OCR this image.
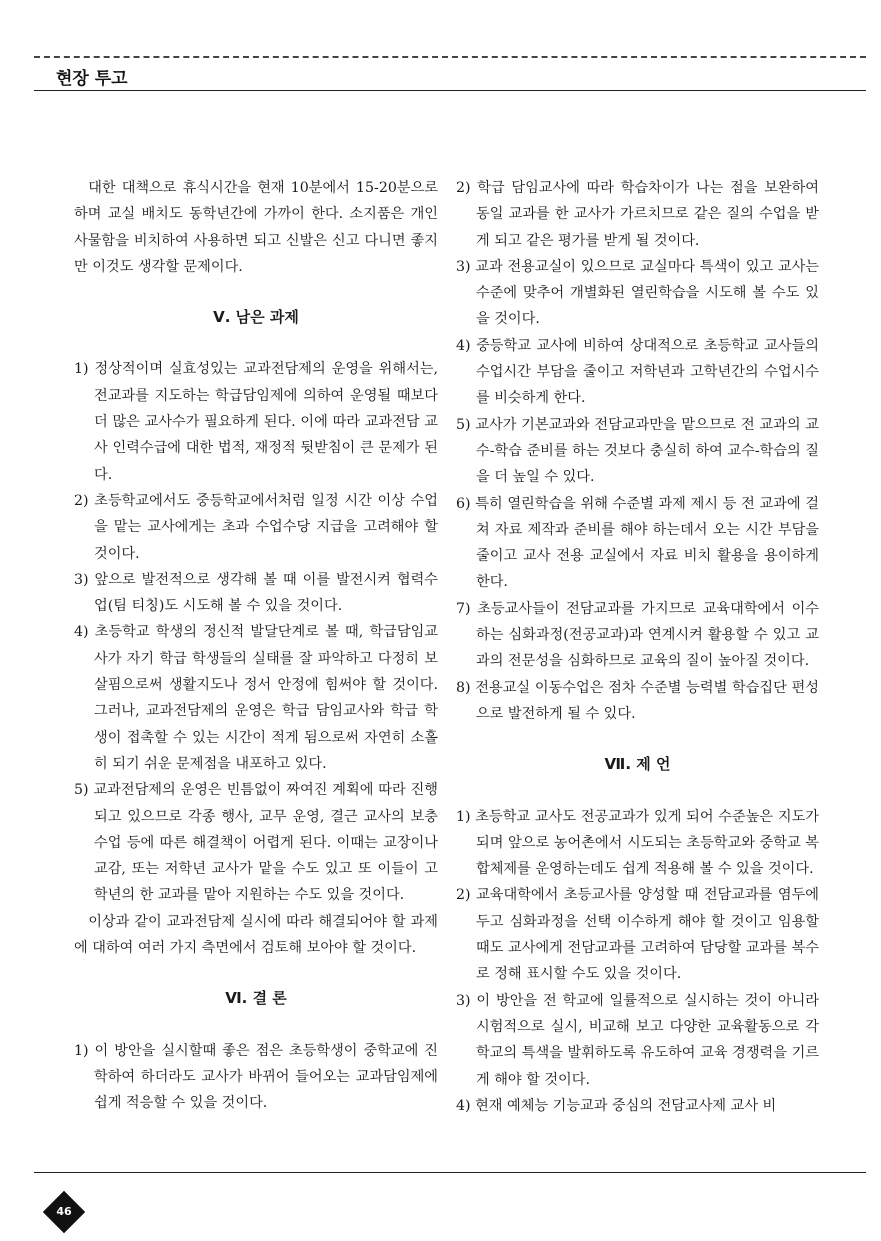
현장 투고

대한 대책으로 휴식시간을 현재 10분에서 15-20분으로 하며 교실 배치도 동학년간에 가까이 한다. 소지품은 개인 사물함을 비치하여 사용하면 되고 신발은 신고 다니면 좋지만 이것도 생각할 문제이다.

Ⅴ. 남은 과제

1) 정상적이며 실효성있는 교과전담제의 운영을 위해서는, 전교과를 지도하는 학급담임제에 의하여 운영될 때보다 더 많은 교사수가 필요하게 된다. 이에 따라 교과전담 교사 인력수급에 대한 법적, 재정적 뒷받침이 큰 문제가 된다.

2) 초등학교에서도 중등학교에서처럼 일정 시간 이상 수업을 맡는 교사에게는 초과 수업수당 지급을 고려해야 할 것이다.

3) 앞으로 발전적으로 생각해 볼 때 이를 발전시켜 협력수업(팀 티칭)도 시도해 볼 수 있을 것이다.

4) 초등학교 학생의 정신적 발달단계로 볼 때, 학급담임교사가 자기 학급 학생들의 실태를 잘 파악하고 다정히 보살핌으로써 생활지도나 정서 안정에 힘써야 할 것이다. 그러나, 교과전담제의 운영은 학급 담임교사와 학급 학생이 접촉할 수 있는 시간이 적게 됨으로써 자연히 소홀히 되기 쉬운 문제점을 내포하고 있다.

5) 교과전담제의 운영은 빈틈없이 짜여진 계획에 따라 진행되고 있으므로 각종 행사, 교무 운영, 결근 교사의 보충수업 등에 따른 해결책이 어렵게 된다. 이때는 교장이나 교감, 또는 저학년 교사가 맡을 수도 있고 또 이들이 고학년의 한 교과를 맡아 지원하는 수도 있을 것이다.

이상과 같이 교과전담제 실시에 따라 해결되어야 할 과제에 대하여 여러 가지 측면에서 검토해 보아야 할 것이다.

Ⅵ. 결 론

1) 이 방안을 실시할때 좋은 점은 초등학생이 중학교에 진학하여 하더라도 교사가 바뀌어 들어오는 교과담임제에 쉽게 적응할 수 있을 것이다.

2) 학급 담임교사에 따라 학습차이가 나는 점을 보완하여 동일 교과를 한 교사가 가르치므로 같은 질의 수업을 받게 되고 같은 평가를 받게 될 것이다.

3) 교과 전용교실이 있으므로 교실마다 특색이 있고 교사는 수준에 맞추어 개별화된 열린학습을 시도해 볼 수도 있을 것이다.

4) 중등학교 교사에 비하여 상대적으로 초등학교 교사들의 수업시간 부담을 줄이고 저학년과 고학년간의 수업시수를 비슷하게 한다.

5) 교사가 기본교과와 전담교과만을 맡으므로 전 교과의 교수-학습 준비를 하는 것보다 충실히 하여 교수-학습의 질을 더 높일 수 있다.

6) 특히 열린학습을 위해 수준별 과제 제시 등 전 교과에 걸쳐 자료 제작과 준비를 해야 하는데서 오는 시간 부담을 줄이고 교사 전용 교실에서 자료 비치 활용을 용이하게 한다.

7) 초등교사들이 전담교과를 가지므로 교육대학에서 이수하는 심화과정(전공교과)과 연계시켜 활용할 수 있고 교과의 전문성을 심화하므로 교육의 질이 높아질 것이다.

8) 전용교실 이동수업은 점차 수준별 능력별 학습집단 편성으로 발전하게 될 수 있다.

Ⅶ. 제 언

1) 초등학교 교사도 전공교과가 있게 되어 수준높은 지도가 되며 앞으로 농어촌에서 시도되는 초등학교와 중학교 복합체제를 운영하는데도 쉽게 적용해 볼 수 있을 것이다.

2) 교육대학에서 초등교사를 양성할 때 전담교과를 염두에 두고 심화과정을 선택 이수하게 해야 할 것이고 임용할 때도 교사에게 전담교과를 고려하여 담당할 교과를 복수로 정해 표시할 수도 있을 것이다.

3) 이 방안을 전 학교에 일률적으로 실시하는 것이 아니라 시험적으로 실시, 비교해 보고 다양한 교육활동으로 각 학교의 특색을 발휘하도록 유도하여 교육 경쟁력을 기르게 해야 할 것이다.

4) 현재 예체능 기능교과 중심의 전담교사제 교사 비

46
